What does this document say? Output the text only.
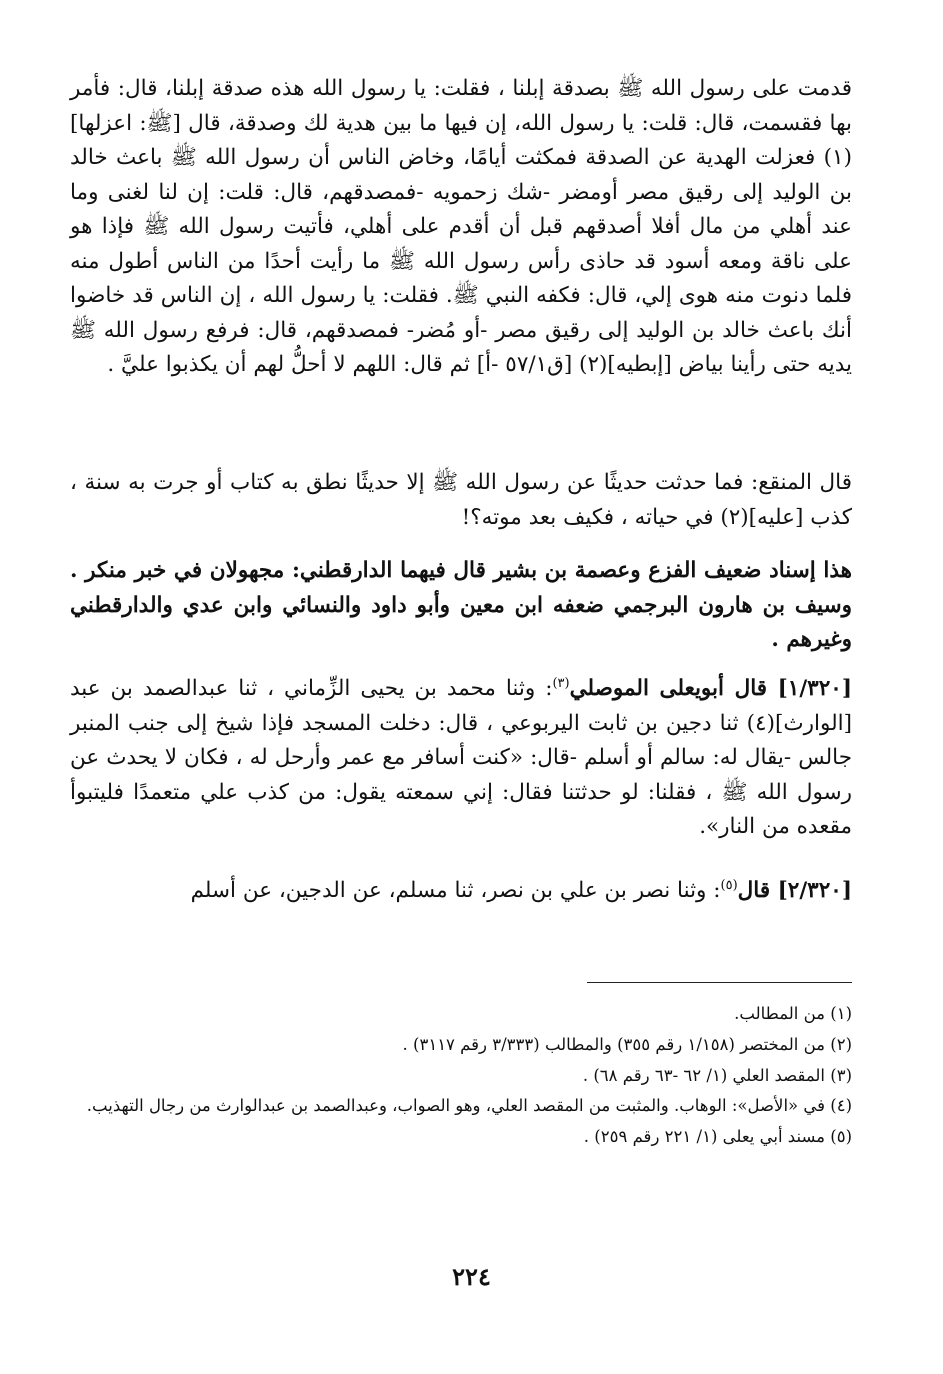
قدمت على رسول الله ﷺ بصدقة إبلنا ، فقلت: يا رسول الله هذه صدقة إبلنا، قال: فأمر بها فقسمت، قال: قلت: يا رسول الله، إن فيها ما بين هدية لك وصدقة، قال [ﷺ: اعزلها](١) فعزلت الهدية عن الصدقة فمكثت أيامًا، وخاض الناس أن رسول الله ﷺ باعث خالد بن الوليد إلى رقيق مصر أومضر -شك زحمويه -فمصدقهم، قال: قلت: إن لنا لغنى وما عند أهلي من مال أفلا أصدقهم قبل أن أقدم على أهلي، فأتيت رسول الله ﷺ فإذا هو على ناقة ومعه أسود قد حاذى رأس رسول الله ﷺ ما رأيت أحدًا من الناس أطول منه فلما دنوت منه هوى إلي، قال: فكفه النبي ﷺ. فقلت: يا رسول الله ، إن الناس قد خاضوا أنك باعث خالد بن الوليد إلى رقيق مصر -أو مُضر- فمصدقهم، قال: فرفع رسول الله ﷺ يديه حتى رأينا بياض [إبطيه](٢) [ق٥٧/١ -أ] ثم قال: اللهم لا أحلُّ لهم أن يكذبوا عليَّ .

قال المنقع: فما حدثت حديثًا عن رسول الله ﷺ إلا حديثًا نطق به كتاب أو جرت به سنة ، كذب [عليه](٢) في حياته ، فكيف بعد موته؟!

هذا إسناد ضعيف الفزع وعصمة بن بشير قال فيهما الدارقطني: مجهولان في خبر منكر . وسيف بن هارون البرجمي ضعفه ابن معين وأبو داود والنسائي وابن عدي والدارقطني وغيرهم .

[١/٣٢٠] قال أبويعلى الموصلي$^{(٣)}$: وثنا محمد بن يحيى الزِّماني ، ثنا عبدالصمد بن عبد [الوارث](٤) ثنا دجين بن ثابت اليربوعي ، قال: دخلت المسجد فإذا شيخ إلى جنب المنبر جالس -يقال له: سالم أو أسلم -قال: «كنت أسافر مع عمر وأرحل له ، فكان لا يحدث عن رسول الله ﷺ ، فقلنا: لو حدثتنا فقال: إني سمعته يقول: من كذب علي متعمدًا فليتبوأ مقعده من النار».

[٢/٣٢٠] قال$^{(٥)}$: وثنا نصر بن علي بن نصر، ثنا مسلم، عن الدجين، عن أسلم

(١) من المطالب.

(٢) من المختصر (١/١٥٨ رقم ٣٥٥) والمطالب (٣/٣٣٣ رقم ٣١١٧) .

(٣) المقصد العلي (١/ ٦٢ -٦٣ رقم ٦٨) .

(٤) في «الأصل»: الوهاب. والمثبت من المقصد العلي، وهو الصواب، وعبدالصمد بن عبدالوارث من رجال التهذيب.

(٥) مسند أبي يعلى (١/ ٢٢١ رقم ٢٥٩) .

٢٢٤
